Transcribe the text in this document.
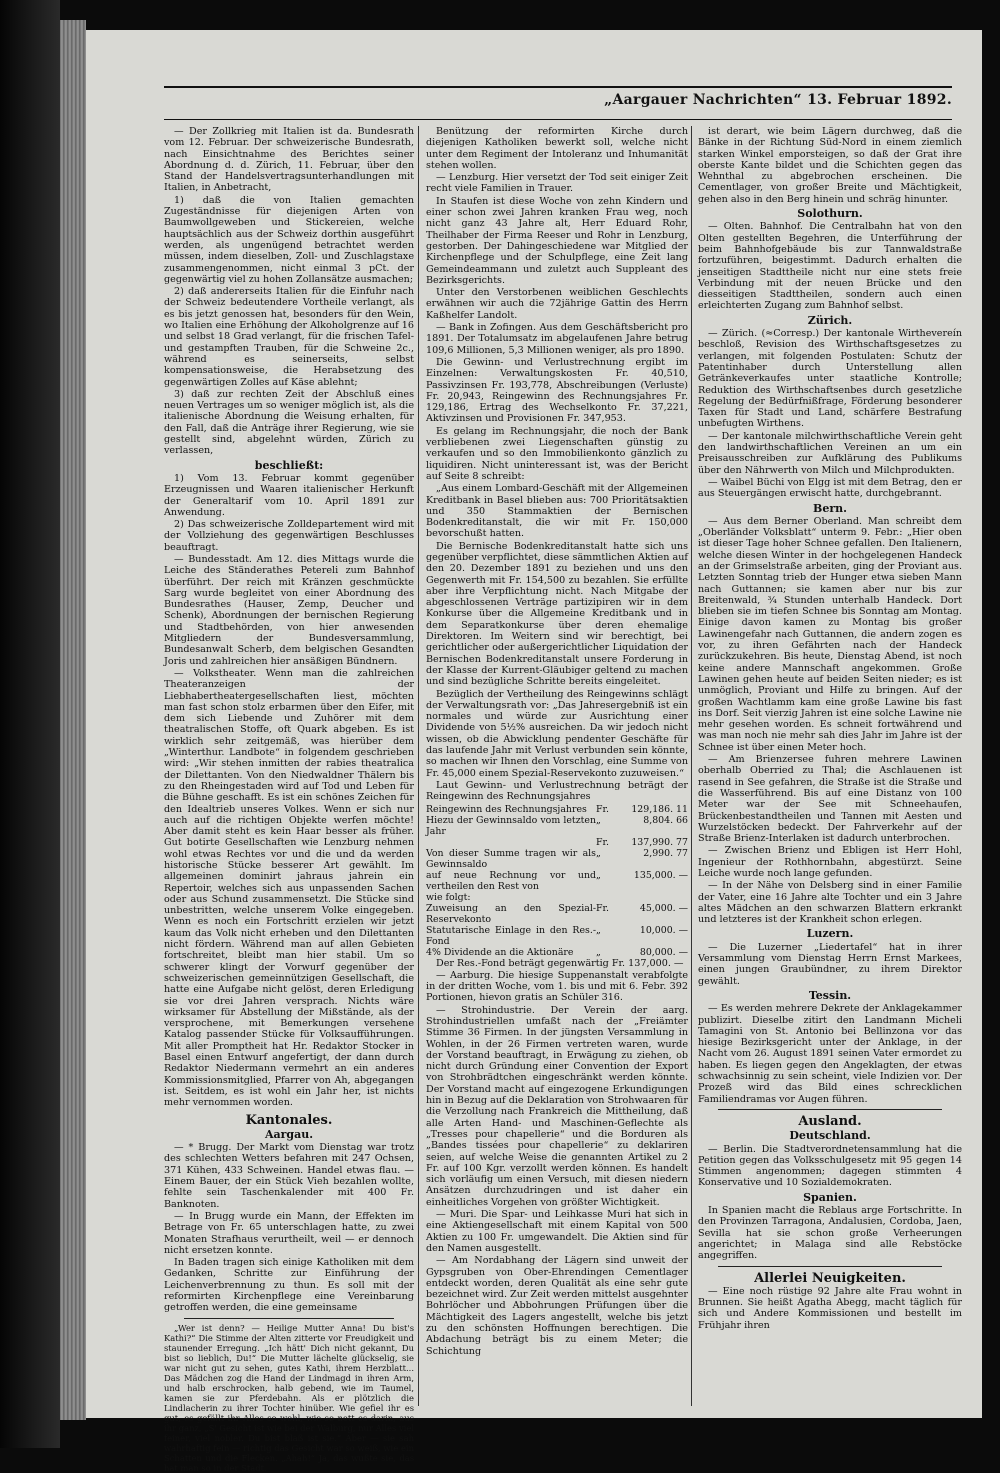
„Aargauer Nachrichten“ 13. Februar 1892.

— Der Zollkrieg mit Italien ist da. Bundesrath vom 12. Februar. Der schweizerische Bundesrath, nach Einsichtnahme des Berichtes seiner Abordnung d. d. Zürich, 11. Februar, über den Stand der Handelsvertragsunterhandlungen mit Italien, in Anbetracht,

1) daß die von Italien gemachten Zugeständnisse für diejenigen Arten von Baumwollgeweben und Stickereien, welche hauptsächlich aus der Schweiz dorthin ausgeführt werden, als ungenügend betrachtet werden müssen, indem dieselben, Zoll- und Zuschlagstaxe zusammengenommen, nicht einmal 3 pCt. der gegenwärtig viel zu hohen Zollansätze ausmachen;

2) daß andererseits Italien für die Einfuhr nach der Schweiz bedeutendere Vortheile verlangt, als es bis jetzt genossen hat, besonders für den Wein, wo Italien eine Erhöhung der Alkoholgrenze auf 16 und selbst 18 Grad verlangt, für die frischen Tafel- und gestampften Trauben, für die Schweine 2c., während es seinerseits, selbst kompensationsweise, die Herabsetzung des gegenwärtigen Zolles auf Käse ablehnt;

3) daß zur rechten Zeit der Abschluß eines neuen Vertrages um so weniger möglich ist, als die italienische Abordnung die Weisung erhalten, für den Fall, daß die Anträge ihrer Regierung, wie sie gestellt sind, abgelehnt würden, Zürich zu verlassen,

beschließt:

1) Vom 13. Februar kommt gegenüber Erzeugnissen und Waaren italienischer Herkunft der Generaltarif vom 10. April 1891 zur Anwendung.

2) Das schweizerische Zolldepartement wird mit der Vollziehung des gegenwärtigen Beschlusses beauftragt.

— Bundesstadt. Am 12. dies Mittags wurde die Leiche des Ständerathes Petereli zum Bahnhof überführt. Der reich mit Kränzen geschmückte Sarg wurde begleitet von einer Abordnung des Bundesrathes (Hauser, Zemp, Deucher und Schenk), Abordnungen der bernischen Regierung und Stadtbehörden, von hier anwesenden Mitgliedern der Bundesversammlung, Bundesanwalt Scherb, dem belgischen Gesandten Joris und zahlreichen hier ansäßigen Bündnern.

— Volkstheater. Wenn man die zahlreichen Theateranzeigen der Liebhabertheatergesellschaften liest, möchten man fast schon stolz erbarmen über den Eifer, mit dem sich Liebende und Zuhörer mit dem theatralischen Stoffe, oft Quark abgeben. Es ist wirklich sehr zeitgemäß, was hierüber dem „Winterthur. Landbote“ in folgendem geschrieben wird: „Wir stehen inmitten der rabies theatralica der Dilettanten. Von den Niedwaldner Thälern bis zu den Rheingestaden wird auf Tod und Leben für die Bühne geschafft. Es ist ein schönes Zeichen für den Idealtrieb unseres Volkes. Wenn er sich nur auch auf die richtigen Objekte werfen möchte! Aber damit steht es kein Haar besser als früher. Gut botirte Gesellschaften wie Lenzburg nehmen wohl etwas Rechtes vor und die und da werden historische Stücke besserer Art gewählt. Im allgemeinen dominirt jahraus jahrein ein Repertoir, welches sich aus unpassenden Sachen oder aus Schund zusammensetzt. Die Stücke sind unbestritten, welche unserem Volke eingegeben. Wenn es noch ein Fortschritt erzielen wir jetzt kaum das Volk nicht erheben und den Dilettanten nicht fördern. Während man auf allen Gebieten fortschreitet, bleibt man hier stabil. Um so schwerer klingt der Vorwurf gegenüber der schweizerischen gemeinnützigen Gesellschaft, die hatte eine Aufgabe nicht gelöst, deren Erledigung sie vor drei Jahren versprach. Nichts wäre wirksamer für Abstellung der Mißstände, als der versprochene, mit Bemerkungen versehene Katalog passender Stücke für Volksaufführungen. Mit aller Promptheit hat Hr. Redaktor Stocker in Basel einen Entwurf angefertigt, der dann durch Redaktor Niedermann vermehrt an ein anderes Kommissionsmitglied, Pfarrer von Ah, abgegangen ist. Seitdem, es ist wohl ein Jahr her, ist nichts mehr vernommen worden.

Kantonales.
Aargau.

— * Brugg. Der Markt vom Dienstag war trotz des schlechten Wetters befahren mit 247 Ochsen, 371 Kühen, 433 Schweinen. Handel etwas flau. — Einem Bauer, der ein Stück Vieh bezahlen wollte, fehlte sein Taschenkalender mit 400 Fr. Banknoten.

— In Brugg wurde ein Mann, der Effekten im Betrage von Fr. 65 unterschlagen hatte, zu zwei Monaten Strafhaus verurtheilt, weil — er dennoch nicht ersetzen konnte.

In Baden tragen sich einige Katholiken mit dem Gedanken, Schritte zur Einführung der Leichenverbrennung zu thun. Es soll mit der reformirten Kirchenpflege eine Vereinbarung getroffen werden, die eine gemeinsame

„Wer ist denn? — Heilige Mutter Anna! Du bist's Kathi?“ Die Stimme der Alten zitterte vor Freudigkeit und staunender Erregung. „Ich hätt' Dich nicht gekannt, Du bist so lieblich, Du!“ Die Mutter lächelte glückselig, sie war nicht gut zu sehen, gutes Kathi, ihrem Herzblatt... Das Mädchen zog die Hand der Lindmagd in ihren Arm, und halb erschrocken, halb gebend, wie im Taumel, kamen sie zur Pferdebahn. Als er plötzlich die Lindlacherin zu ihrer Tochter hinüber. Wie gefiel ihr es gut, es gefällt ihr Alles so wohl, wie so nett es darin, aus ihr ganz, „S' Gesicht ist wie bei der Walburg, nur Alles viel feiner, viel nobler. Du bist blaß ist sie.“ Aber — sie sah wahrhaftig fein — richtig das Gesicht war so weiß, wie ein Schatten und die Flecken. „Ahah!“ Ja, das wußte sie, das hat man so in der Stadt.

Benützung der reformirten Kirche durch diejenigen Katholiken bewerkt soll, welche nicht unter dem Regiment der Intoleranz und Inhumanität stehen wollen.

— Lenzburg. Hier versetzt der Tod seit einiger Zeit recht viele Familien in Trauer.

In Staufen ist diese Woche von zehn Kindern und einer schon zwei Jahren kranken Frau weg, noch nicht ganz 43 Jahre alt, Herr Eduard Rohr, Theilhaber der Firma Reeser und Rohr in Lenzburg, gestorben. Der Dahingeschiedene war Mitglied der Kirchenpflege und der Schulpflege, eine Zeit lang Gemeindeammann und zuletzt auch Suppleant des Bezirksgerichts.

Unter den Verstorbenen weiblichen Geschlechts erwähnen wir auch die 72jährige Gattin des Herrn Kaßhelfer Landolt.

— Bank in Zofingen. Aus dem Geschäftsbericht pro 1891. Der Totalumsatz im abgelaufenen Jahre betrug 109,6 Millionen, 5,3 Millionen weniger, als pro 1890.

Die Gewinn- und Verlustrechnung ergibt im Einzelnen: Verwaltungskosten Fr. 40,510, Passivzinsen Fr. 193,778, Abschreibungen (Verluste) Fr. 20,943, Reingewinn des Rechnungsjahres Fr. 129,186, Ertrag des Wechselkonto Fr. 37,221, Aktivzinsen und Provisionen Fr. 347,953.

Es gelang im Rechnungsjahr, die noch der Bank verbliebenen zwei Liegenschaften günstig zu verkaufen und so den Immobilienkonto gänzlich zu liquidiren. Nicht uninteressant ist, was der Bericht auf Seite 8 schreibt:

„Aus einem Lombard-Geschäft mit der Allgemeinen Kreditbank in Basel blieben aus: 700 Prioritätsaktien und 350 Stammaktien der Bernischen Bodenkreditanstalt, die wir mit Fr. 150,000 bevorschußt hatten.

Die Bernische Bodenkreditanstalt hatte sich uns gegenüber verpflichtet, diese sämmtlichen Aktien auf den 20. Dezember 1891 zu beziehen und uns den Gegenwerth mit Fr. 154,500 zu bezahlen. Sie erfüllte aber ihre Verpflichtung nicht. Nach Mitgabe der abgeschlossenen Verträge partizipiren wir in dem Konkurse über die Allgemeine Kreditbank und in dem Separatkonkurse über deren ehemalige Direktoren. Im Weitern sind wir berechtigt, bei gerichtlicher oder außergerichtlicher Liquidation der Bernischen Bodenkreditanstalt unsere Forderung in der Klasse der Kurrent-Gläubiger geltend zu machen und sind bezügliche Schritte bereits eingeleitet.

Bezüglich der Vertheilung des Reingewinns schlägt der Verwaltungsrath vor: „Das Jahresergebniß ist ein normales und würde zur Ausrichtung einer Dividende von 5½% ausreichen. Da wir jedoch nicht wissen, ob die Abwicklung pendenter Geschäfte für das laufende Jahr mit Verlust verbunden sein könnte, so machen wir Ihnen den Vorschlag, eine Summe von Fr. 45,000 einem Spezial-Reservekonto zuzuweisen.“

Laut Gewinn- und Verlustrechnung beträgt der Reingewinn des Rechnungsjahres

Reingewinn des Rechnungsjahres	Fr.	129,186. 11
Hiezu der Gewinnsaldo vom letzten Jahr	„	8,804. 66
	Fr.	137,990. 77
Von dieser Summe tragen wir als Gewinnsaldo	„	2,990. 77
auf neue Rechnung vor und vertheilen den Rest von	„	135,000. —
wie folgt:		
Zuweisung an den Spezial-Reservekonto	Fr.	45,000. —
Statutarische Einlage in den Res.-Fond	„	10,000. —
4% Dividende an die Aktionäre	„	80,000. —

Der Res.-Fond beträgt gegenwärtig Fr. 137,000. —

— Aarburg. Die hiesige Suppenanstalt verabfolgte in der dritten Woche, vom 1. bis und mit 6. Febr. 392 Portionen, hievon gratis an Schüler 316.

— Strohindustrie. Der Verein der aarg. Strohindustriellen umfaßt nach der „Freiämter Stimme 36 Firmen. In der jüngsten Versammlung in Wohlen, in der 26 Firmen vertreten waren, wurde der Vorstand beauftragt, in Erwägung zu ziehen, ob nicht durch Gründung einer Convention der Export von Strohbrädtchen eingeschränkt werden könnte. Der Vorstand macht auf eingezogene Erkundigungen hin in Bezug auf die Deklaration von Strohwaaren für die Verzollung nach Frankreich die Mittheilung, daß alle Arten Hand- und Maschinen-Geflechte als „Tresses pour chapellerie“ und die Borduren als „Bandes tissées pour chapellerie“ zu deklariren seien, auf welche Weise die genannten Artikel zu 2 Fr. auf 100 Kgr. verzollt werden können. Es handelt sich vorläufig um einen Versuch, mit diesen niedern Ansätzen durchzudringen und ist daher ein einheitliches Vorgehen von größter Wichtigkeit.

— Muri. Die Spar- und Leihkasse Muri hat sich in eine Aktiengesellschaft mit einem Kapital von 500 Aktien zu 100 Fr. umgewandelt. Die Aktien sind für den Namen ausgestellt.

— Am Nordabhang der Lägern sind unweit der Gypsgruben von Ober-Ehrendingen Cementlager entdeckt worden, deren Qualität als eine sehr gute bezeichnet wird. Zur Zeit werden mittelst ausgehnter Bohrlöcher und Abbohrungen Prüfungen über die Mächtigkeit des Lagers angestellt, welche bis jetzt zu den schönsten Hoffnungen berechtigen. Die Abdachung beträgt bis zu einem Meter; die Schichtung

ist derart, wie beim Lägern durchweg, daß die Bänke in der Richtung Süd-Nord in einem ziemlich starken Winkel emporsteigen, so daß der Grat ihre oberste Kante bildet und die Schichten gegen das Wehnthal zu abgebrochen erscheinen. Die Cementlager, von großer Breite und Mächtigkeit, gehen also in den Berg hinein und schräg hinunter.

Solothurn.

— Olten. Bahnhof. Die Centralbahn hat von den Olten gestellten Begehren, die Unterführung der beim Bahnhofgebäude bis zur Tannwaldstraße fortzuführen, beigestimmt. Dadurch erhalten die jenseitigen Stadttheile nicht nur eine stets freie Verbindung mit der neuen Brücke und den diesseitigen Stadttheilen, sondern auch einen erleichterten Zugang zum Bahnhof selbst.

Zürich.

— Zürich. (≈Corresp.) Der kantonale Wirthevereín beschloß, Revision des Wirthschaftsgesetzes zu verlangen, mit folgenden Postulaten: Schutz der Patentinhaber durch Unterstellung allen Getränkeverkaufes unter staatliche Kontrolle; Reduktion des Wirthschaftsenbes durch gesetzliche Regelung der Bedürfnißfrage, Förderung besonderer Taxen für Stadt und Land, schärfere Bestrafung unbefugten Wirthens.

— Der kantonale milchwirthschaftliche Verein geht den landwirthschaftlichen Vereinen an um ein Preisausschreiben zur Aufklärung des Publikums über den Nährwerth von Milch und Milchprodukten.

— Waibel Büchi von Elgg ist mit dem Betrag, den er aus Steuergängen erwischt hatte, durchgebrannt.

Bern.

— Aus dem Berner Oberland. Man schreibt dem „Oberländer Volksblatt“ unterm 9. Febr.: „Hier oben ist dieser Tage hoher Schnee gefallen. Den Italienern, welche diesen Winter in der hochgelegenen Handeck an der Grimselstraße arbeiten, ging der Proviant aus. Letzten Sonntag trieb der Hunger etwa sieben Mann nach Guttannen; sie kamen aber nur bis zur Breitenwald, ¾ Stunden unterhalb Handeck. Dort blieben sie im tiefen Schnee bis Sonntag am Montag. Einige davon kamen zu Montag bis großer Lawinengefahr nach Guttannen, die andern zogen es vor, zu ihren Gefährten nach der Handeck zurückzukehren. Bis heute, Dienstag Abend, ist noch keine andere Mannschaft angekommen. Große Lawinen gehen heute auf beiden Seiten nieder; es ist unmöglich, Proviant und Hilfe zu bringen. Auf der großen Wachtlamm kam eine große Lawine bis fast ins Dorf. Seit vierzig Jahren ist eine solche Lawine nie mehr gesehen worden. Es schneit fortwährend und was man noch nie mehr sah dies Jahr im Jahre ist der Schnee ist über einen Meter hoch.

— Am Brienzersee fuhren mehrere Lawinen oberhalb Oberried zu Thal; die Aschlauenen ist rasend in See gefahren, die Straße ist die Straße und die Wasserführend. Bis auf eine Distanz von 100 Meter war der See mit Schneehaufen, Brückenbestandtheilen und Tannen mit Aesten und Wurzelstöcken bedeckt. Der Fahrverkehr auf der Straße Brienz-Interlaken ist dadurch unterbrochen.

— Zwischen Brienz und Ebligen ist Herr Hohl, Ingenieur der Rothhornbahn, abgestürzt. Seine Leiche wurde noch lange gefunden.

— In der Nähe von Delsberg sind in einer Familie der Vater, eine 16 Jahre alte Tochter und ein 3 Jahre altes Mädchen an den schwarzen Blattern erkrankt und letzteres ist der Krankheit schon erlegen.

Luzern.

— Die Luzerner „Liedertafel“ hat in ihrer Versammlung vom Dienstag Herrn Ernst Markees, einen jungen Graubündner, zu ihrem Direktor gewählt.

Tessin.

— Es werden mehrere Dekrete der Anklagekammer publizirt. Dieselbe zitirt den Landmann Micheli Tamagini von St. Antonio bei Bellinzona vor das hiesige Bezirksgericht unter der Anklage, in der Nacht vom 26. August 1891 seinen Vater ermordet zu haben. Es liegen gegen den Angeklagten, der etwas schwachsinnig zu sein scheint, viele Indizien vor. Der Prozeß wird das Bild eines schrecklichen Familiendramas vor Augen führen.

Ausland.
Deutschland.

— Berlin. Die Stadtverordnetensammlung hat die Petition gegen das Volksschulgesetz mit 95 gegen 14 Stimmen angenommen; dagegen stimmten 4 Konservative und 10 Sozialdemokraten.

Spanien.

In Spanien macht die Reblaus arge Fortschritte. In den Provinzen Tarragona, Andalusien, Cordoba, Jaen, Sevilla hat sie schon große Verheerungen angerichtet; in Malaga sind alle Rebstöcke angegriffen.

Allerlei Neuigkeiten.

— Eine noch rüstige 92 Jahre alte Frau wohnt in Brunnen. Sie heißt Agatha Abegg, macht täglich für sich und Andere Kommissionen und bestellt im Frühjahr ihren
